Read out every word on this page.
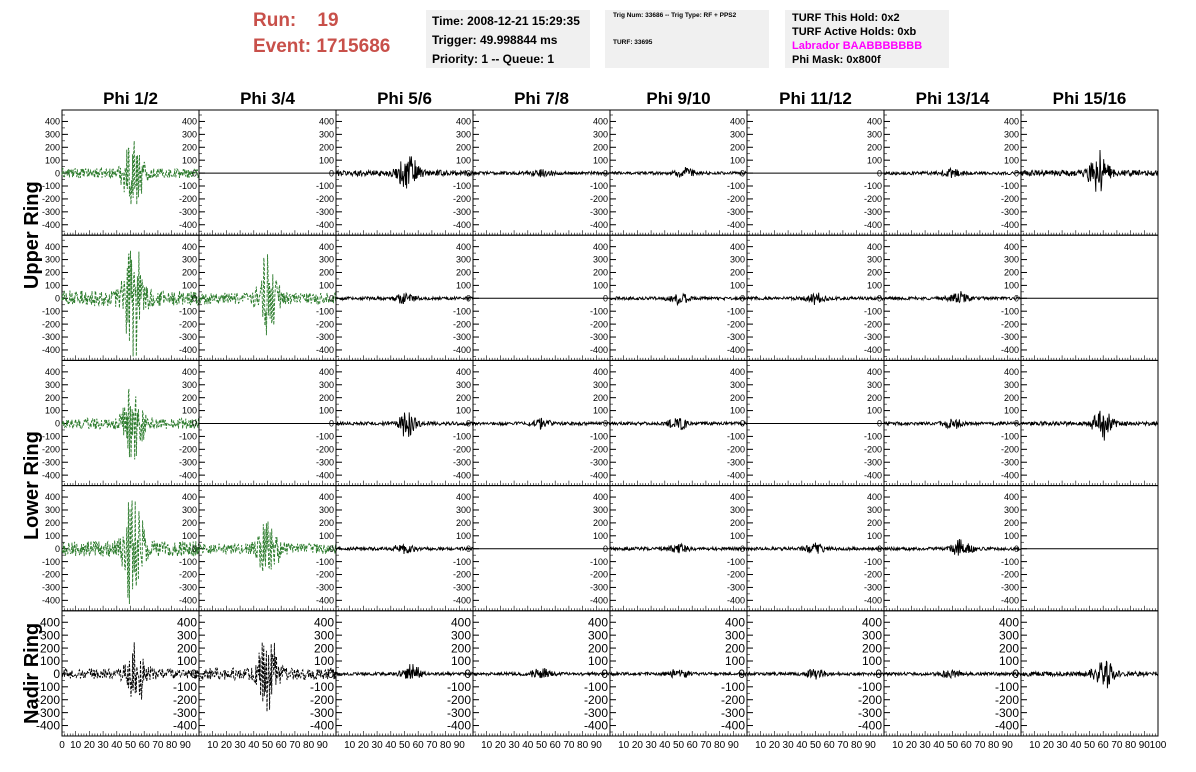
Run: 19
Event: 1715686
Time: 2008-12-21 15:29:35
Trigger: 49.998844 ms
Priority: 1 -- Queue: 1
Trig Num: 33686 -- Trig Type: RF + PPS2
TURF: 33695
TURF This Hold: 0x2
TURF Active Holds: 0xb
Labrador BAABBBBBBB
Phi Mask: 0x800f
Phi 1/2	Phi 3/4	Phi 5/6	Phi 7/8	Phi 9/10	Phi 11/12	Phi 13/14	Phi 15/16
Upper Ring
Lower Ring
Nadir Ring
400
300
200
100
0
-100
-200
-300
-400
400
300
200
100
0
-100
-200
-300
-400
400
300
200
100
0
-100
-200
-300
-400
400
300
200
100
0
-100
-200
-300
-400
400
300
200
100
0
-100
-200
-300
-400
400
300
200
100
0
-100
-200
-300
-400
400
300
200
100
0
-100
-200
-300
-400
400
300
200
100
0
-100
-200
-300
-400
400
300
200
100
0
-100
-200
-300
-400
400
300
200
100
0
-100
-200
-300
-400
400
300
200
100
0
-100
-200
-300
-400
400
300
200
100
0
-100
-200
-300
-400
400
300
200
100
0
-100
-200
-300
-400
400
300
200
100
0
-100
-200
-300
-400
400
300
200
100
0
-100
-200
-300
-400
400
300
200
100
0
-100
-200
-300
-400
400
300
200
100
0
-100
-200
-300
-400
400
300
200
100
0
-100
-200
-300
-400
400
300
200
100
0
-100
-200
-300
-400
400
300
200
100
0
-100
-200
-300
-400
400
300
200
100
0
-100
-200
-300
-400
400
300
200
100
0
-100
-200
-300
-400
400
300
200
100
0
-100
-200
-300
-400
400
300
200
100
0
-100
-200
-300
-400
400
300
200
100
0
-100
-200
-300
-400
400
300
200
100
0
-100
-200
-300
-400
400
300
200
100
0
-100
-200
-300
-400
400
300
200
100
0
-100
-200
-300
-400
400
300
200
100
0
-100
-200
-300
-400
400
300
200
100
0
-100
-200
-300
-400
400
300
200
100
0
-100
-200
-300
-400
400
300
200
100
0
-100
-200
-300
-400
400
300
200
100
0
-100
-200
-300
-400
400
300
200
100
0
-100
-200
-300
-400
400
300
200
100
0
-100
-200
-300
-400
400
300
200
100
0
-100
-200
-300
-400
400
300
200
100
0
-100
-200
-300
-400
400
300
200
100
0
-100
-200
-300
-400
400
300
200
100
0
-100
-200
-300
-400
400
300
200
100
0
-100
-200
-300
-400
0 10 20 30 40 50 60 70 80 90 10 20 30 40 50 60 70 80 90 10 20 30 40 50 60 70 80 90 10 20 30 40 50 60 70 80 90 10 20 30 40 50 60 70 80 90 10 20 30 40 50 60 70 80 90 10 20 30 40 50 60 70 80 90 10 20 30 40 50 60 70 80 90 100
